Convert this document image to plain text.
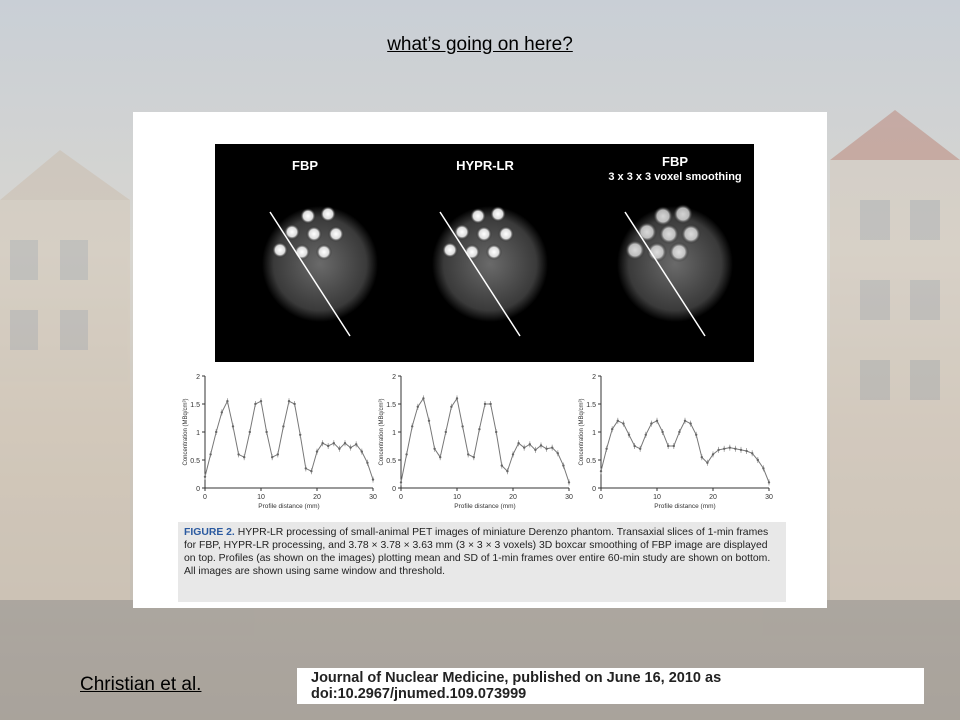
what’s going on here?
FBP	HYPR-LR	FBP
3 x 3 x 3 voxel smoothing
0
0.5
1
1.5
2
0	10	20	30
Profile distance (mm)
Concentration (MBq/cm³)
0
0.5
1
1.5
2
0	10	20	30
Profile distance (mm)
Concentration (MBq/cm³)
0
0.5
1
1.5
2
0	10	20	30
Profile distance (mm)
Concentration (MBq/cm³)
FIGURE 2. HYPR-LR processing of small-animal PET images of miniature Derenzo phantom. Transaxial slices of 1-min frames for FBP, HYPR-LR processing, and 3.78 × 3.78 × 3.63 mm (3 × 3 × 3 voxels) 3D boxcar smoothing of FBP image are displayed on top. Profiles (as shown on the images) plotting mean and SD of 1-min frames over entire 60-min study are shown on bottom. All images are shown using same window and threshold.
Christian et al.	Journal of Nuclear Medicine, published on June 16, 2010 as doi:10.2967/jnumed.109.073999
